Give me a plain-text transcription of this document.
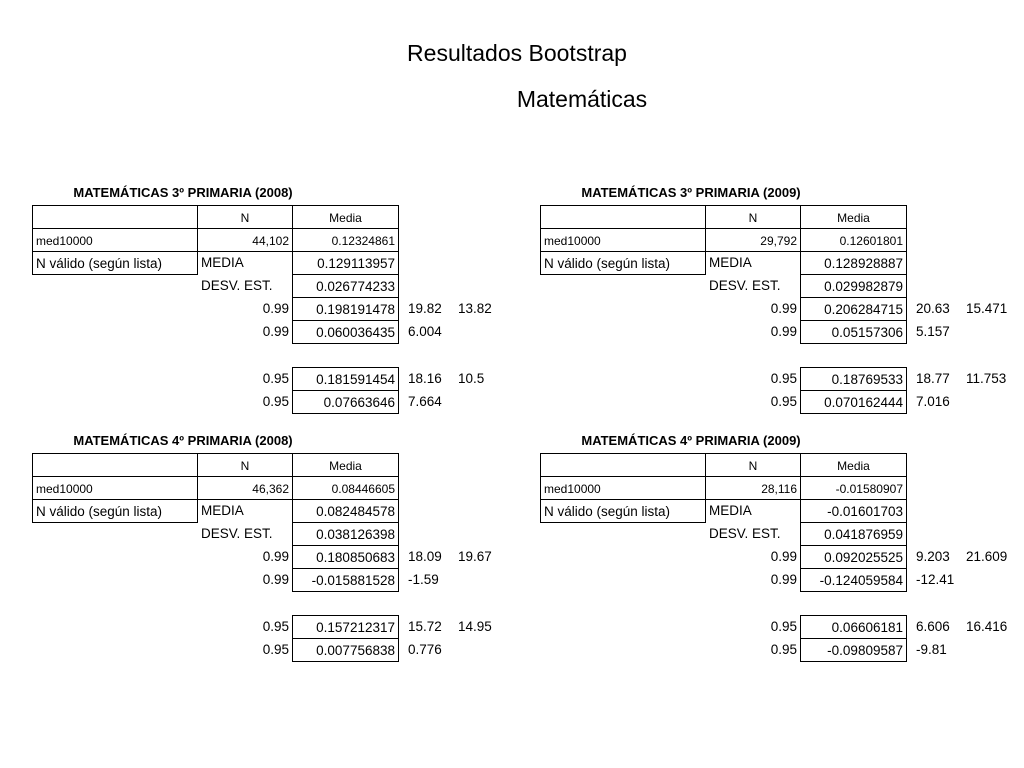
Resultados Bootstrap
Matemáticas
MATEMÁTICAS 3º PRIMARIA (2008)
N	Media
med10000	44,102	0.12324861
N válido (según lista)	MEDIA	0.129113957
DESV. EST.	0.026774233
0.99	0.198191478 19.82	13.82
0.99	0.060036435 6.004
0.95	0.181591454 18.16	10.5
0.95	0.07663646 7.664
MATEMÁTICAS 3º PRIMARIA (2009)
N	Media
med10000	29,792	0.12601801
N válido (según lista)	MEDIA	0.128928887
DESV. EST.	0.029982879
0.99	0.206284715 20.63	15.471
0.99	0.05157306 5.157
0.95	0.18769533 18.77	11.753
0.95	0.070162444 7.016
MATEMÁTICAS 4º PRIMARIA (2008)
N	Media
med10000	46,362	0.08446605
N válido (según lista)	MEDIA	0.082484578
DESV. EST.	0.038126398
0.99	0.180850683 18.09	19.67
0.99	-0.015881528 -1.59
0.95	0.157212317 15.72	14.95
0.95	0.007756838 0.776
MATEMÁTICAS 4º PRIMARIA (2009)
N	Media
med10000	28,116	-0.01580907
N válido (según lista)	MEDIA	-0.01601703
DESV. EST.	0.041876959
0.99	0.092025525 9.203	21.609
0.99	-0.124059584 -12.41
0.95	0.06606181 6.606	16.416
0.95	-0.09809587 -9.81
